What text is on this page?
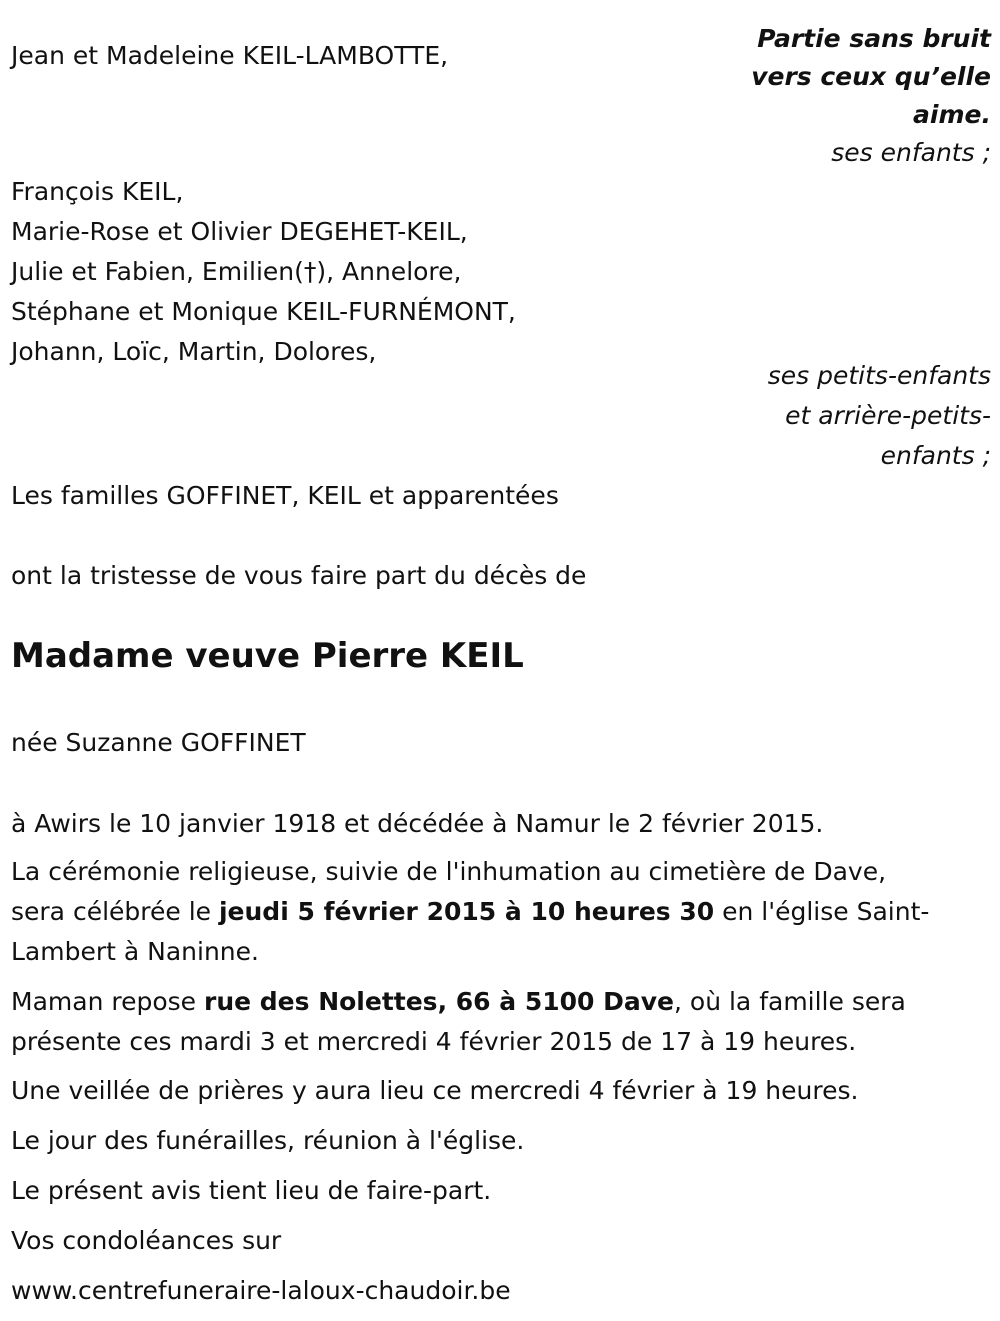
Jean et Madeleine KEIL-LAMBOTTE,
Partie sans bruit
vers ceux qu’elle
aime.
ses enfants ;
François KEIL,
Marie-Rose et Olivier DEGEHET-KEIL,
Julie et Fabien, Emilien(†), Annelore,
Stéphane et Monique KEIL-FURNÉMONT,
Johann, Loïc, Martin, Dolores,
ses petits-enfants
et arrière-petits-
enfants ;
Les familles GOFFINET, KEIL et apparentées
ont la tristesse de vous faire part du décès de
Madame veuve Pierre KEIL
née Suzanne GOFFINET
à Awirs le 10 janvier 1918 et décédée à Namur le 2 février 2015.
La cérémonie religieuse, suivie de l'inhumation au cimetière de Dave, sera célébrée le jeudi 5 février 2015 à 10 heures 30 en l'église Saint-Lambert à Naninne.
Maman repose rue des Nolettes, 66 à 5100 Dave, où la famille sera présente ces mardi 3 et mercredi 4 février 2015 de 17 à 19 heures.
Une veillée de prières y aura lieu ce mercredi 4 février à 19 heures.
Le jour des funérailles, réunion à l'église.
Le présent avis tient lieu de faire-part.
Vos condoléances sur
www.centrefuneraire-laloux-chaudoir.be
